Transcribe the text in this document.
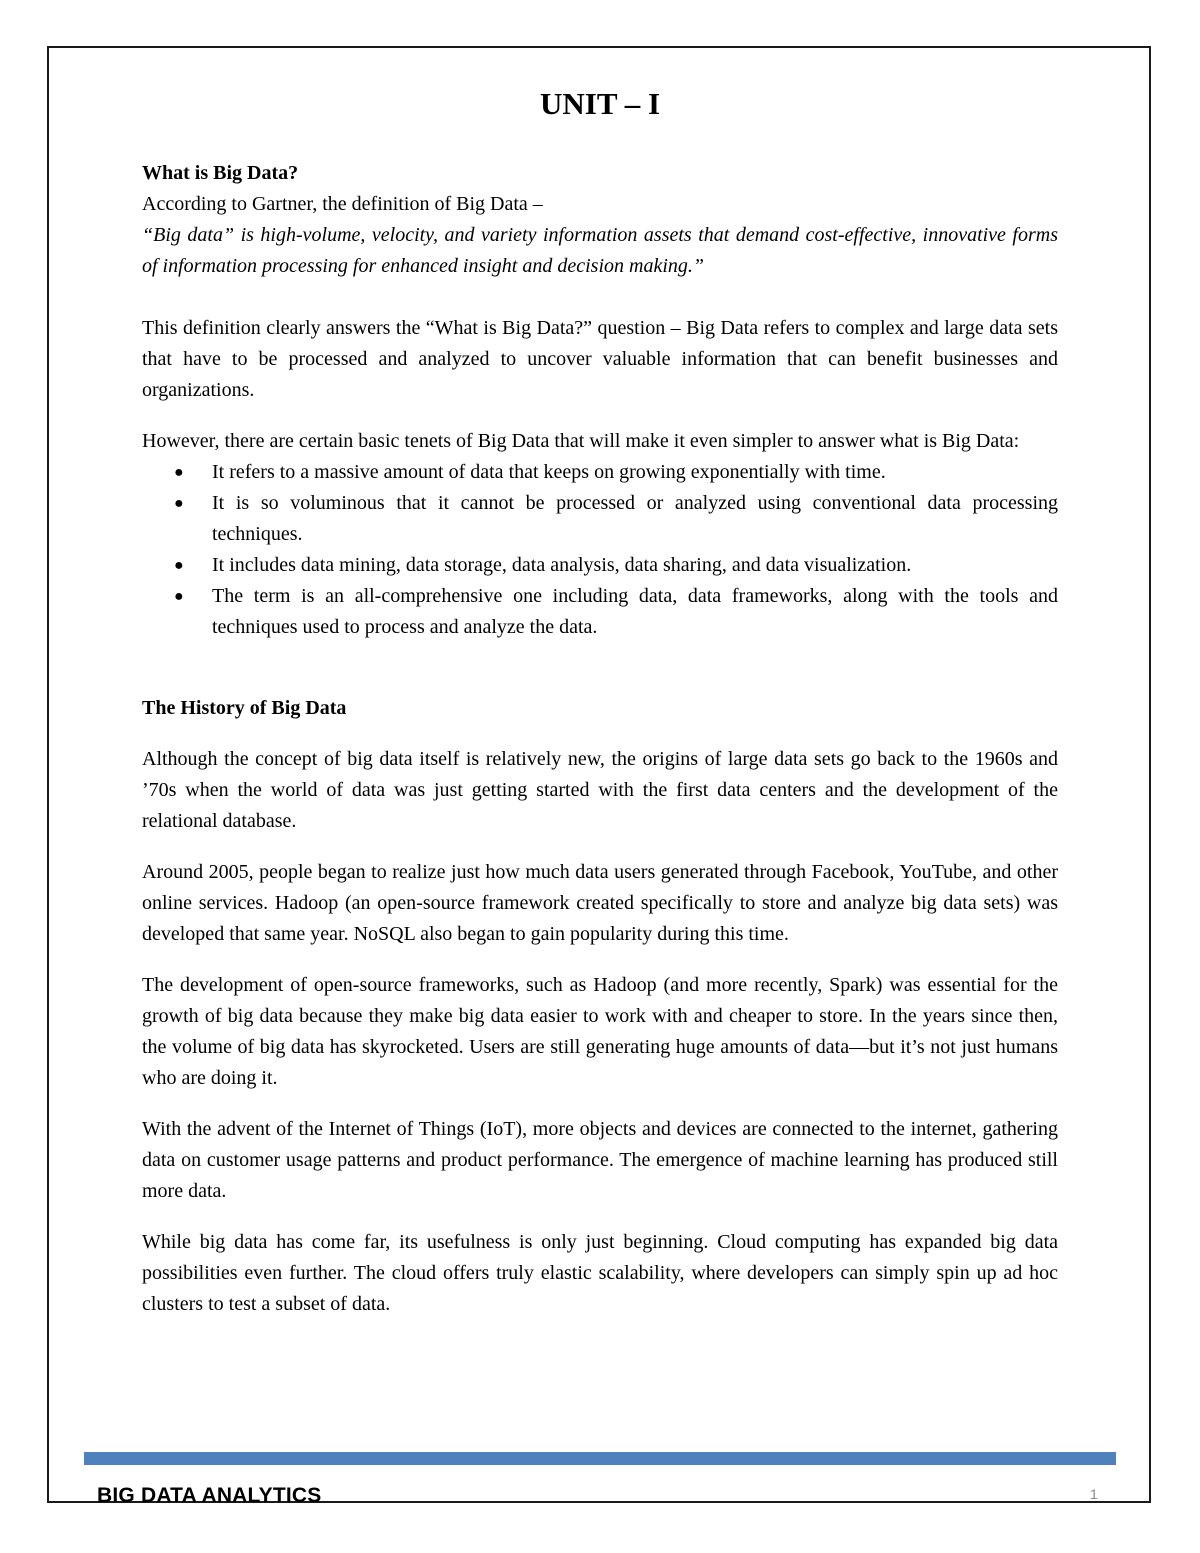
UNIT – I
What is Big Data?

According to Gartner, the definition of Big Data –

“Big data” is high-volume, velocity, and variety information assets that demand cost-effective, innovative forms of information processing for enhanced insight and decision making.”

This definition clearly answers the “What is Big Data?” question – Big Data refers to complex and large data sets that have to be processed and analyzed to uncover valuable information that can benefit businesses and organizations.

However, there are certain basic tenets of Big Data that will make it even simpler to answer what is Big Data:

● It refers to a massive amount of data that keeps on growing exponentially with time.
● It is so voluminous that it cannot be processed or analyzed using conventional data processing techniques.
● It includes data mining, data storage, data analysis, data sharing, and data visualization.
● The term is an all-comprehensive one including data, data frameworks, along with the tools and techniques used to process and analyze the data.
The History of Big Data

Although the concept of big data itself is relatively new, the origins of large data sets go back to the 1960s and ’70s when the world of data was just getting started with the first data centers and the development of the relational database.

Around 2005, people began to realize just how much data users generated through Facebook, YouTube, and other online services. Hadoop (an open-source framework created specifically to store and analyze big data sets) was developed that same year. NoSQL also began to gain popularity during this time.

The development of open-source frameworks, such as Hadoop (and more recently, Spark) was essential for the growth of big data because they make big data easier to work with and cheaper to store. In the years since then, the volume of big data has skyrocketed. Users are still generating huge amounts of data—but it’s not just humans who are doing it.

With the advent of the Internet of Things (IoT), more objects and devices are connected to the internet, gathering data on customer usage patterns and product performance. The emergence of machine learning has produced still more data.

While big data has come far, its usefulness is only just beginning. Cloud computing has expanded big data possibilities even further. The cloud offers truly elastic scalability, where developers can simply spin up ad hoc clusters to test a subset of data.

BIG DATA ANALYTICS	1
